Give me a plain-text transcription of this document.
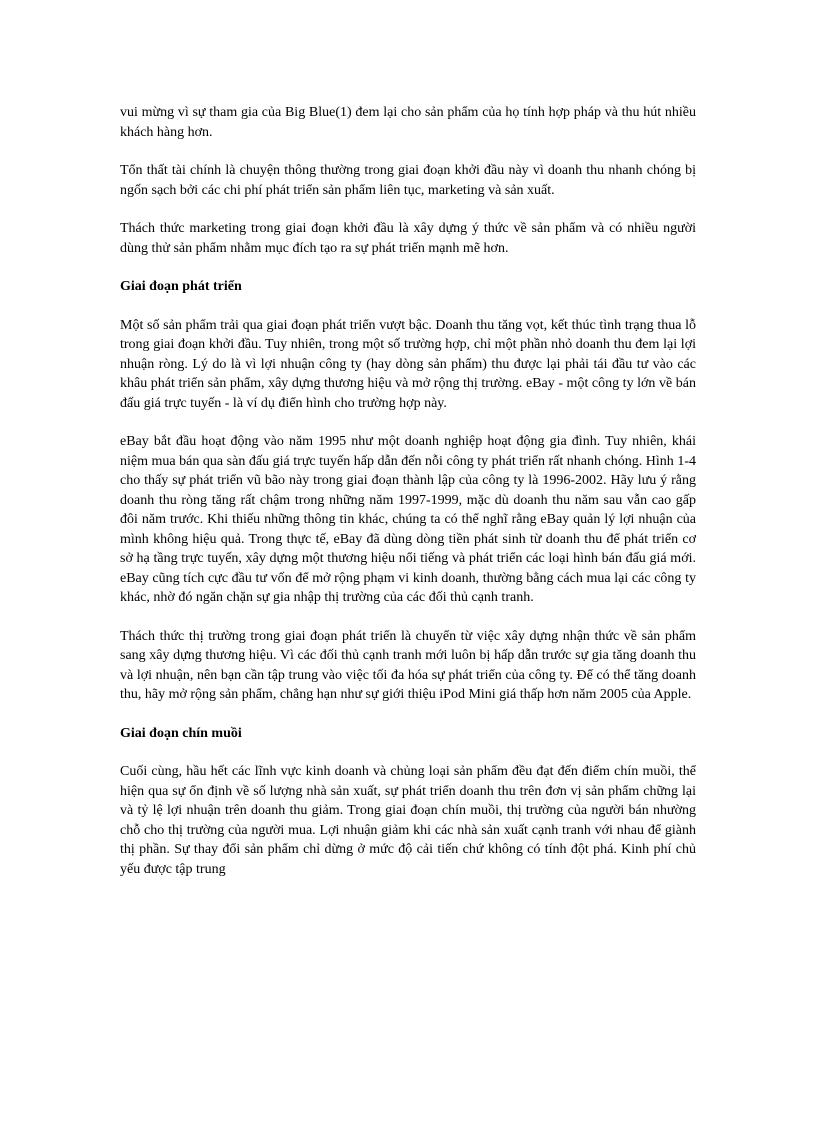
vui mừng vì sự tham gia của Big Blue(1) đem lại cho sản phẩm của họ tính hợp pháp và thu hút nhiều khách hàng hơn.

Tổn thất tài chính là chuyện thông thường trong giai đoạn khởi đầu này vì doanh thu nhanh chóng bị ngốn sạch bởi các chi phí phát triển sản phẩm liên tục, marketing và sản xuất.

Thách thức marketing trong giai đoạn khởi đầu là xây dựng ý thức về sản phẩm và có nhiều người dùng thử sản phẩm nhằm mục đích tạo ra sự phát triển mạnh mẽ hơn.

Giai đoạn phát triển

Một số sản phẩm trải qua giai đoạn phát triển vượt bậc. Doanh thu tăng vọt, kết thúc tình trạng thua lỗ trong giai đoạn khởi đầu. Tuy nhiên, trong một số trường hợp, chỉ một phần nhỏ doanh thu đem lại lợi nhuận ròng. Lý do là vì lợi nhuận công ty (hay dòng sản phẩm) thu được lại phải tái đầu tư vào các khâu phát triển sản phẩm, xây dựng thương hiệu và mở rộng thị trường. eBay - một công ty lớn về bán đấu giá trực tuyến - là ví dụ điển hình cho trường hợp này.

eBay bắt đầu hoạt động vào năm 1995 như một doanh nghiệp hoạt động gia đình. Tuy nhiên, khái niệm mua bán qua sàn đấu giá trực tuyến hấp dẫn đến nỗi công ty phát triển rất nhanh chóng. Hình 1-4 cho thấy sự phát triển vũ bão này trong giai đoạn thành lập của công ty là 1996-2002. Hãy lưu ý rằng doanh thu ròng tăng rất chậm trong những năm 1997-1999, mặc dù doanh thu năm sau vẫn cao gấp đôi năm trước. Khi thiếu những thông tin khác, chúng ta có thể nghĩ rằng eBay quản lý lợi nhuận của mình không hiệu quả. Trong thực tế, eBay đã dùng dòng tiền phát sinh từ doanh thu để phát triển cơ sở hạ tầng trực tuyến, xây dựng một thương hiệu nổi tiếng và phát triển các loại hình bán đấu giá mới. eBay cũng tích cực đầu tư vốn để mở rộng phạm vi kinh doanh, thường bằng cách mua lại các công ty khác, nhờ đó ngăn chặn sự gia nhập thị trường của các đối thủ cạnh tranh.

Thách thức thị trường trong giai đoạn phát triển là chuyển từ việc xây dựng nhận thức về sản phẩm sang xây dựng thương hiệu. Vì các đối thủ cạnh tranh mới luôn bị hấp dẫn trước sự gia tăng doanh thu và lợi nhuận, nên bạn cần tập trung vào việc tối đa hóa sự phát triển của công ty. Để có thể tăng doanh thu, hãy mở rộng sản phẩm, chẳng hạn như sự giới thiệu iPod Mini giá thấp hơn năm 2005 của Apple.

Giai đoạn chín muồi

Cuối cùng, hầu hết các lĩnh vực kinh doanh và chủng loại sản phẩm đều đạt đến điểm chín muồi, thể hiện qua sự ổn định về số lượng nhà sản xuất, sự phát triển doanh thu trên đơn vị sản phẩm chững lại và tỷ lệ lợi nhuận trên doanh thu giảm. Trong giai đoạn chín muồi, thị trường của người bán nhường chỗ cho thị trường của người mua. Lợi nhuận giảm khi các nhà sản xuất cạnh tranh với nhau để giành thị phần. Sự thay đổi sản phẩm chỉ dừng ở mức độ cải tiến chứ không có tính đột phá. Kinh phí chủ yếu được tập trung
